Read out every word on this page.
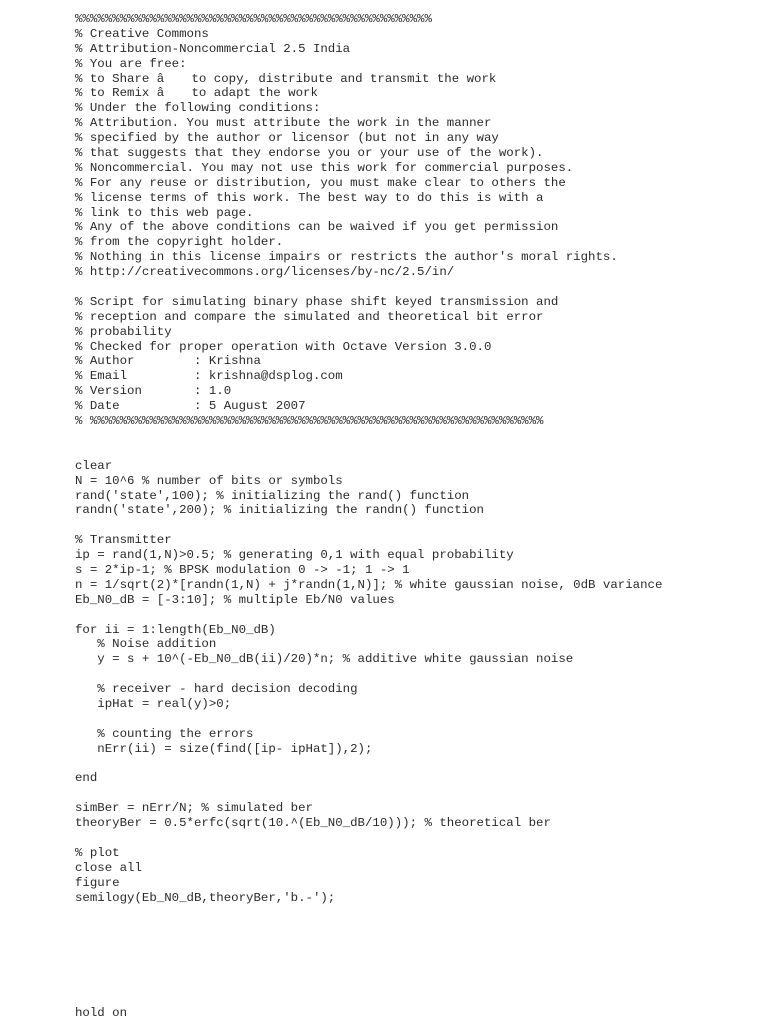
%%%%%%%%%%%%%%%%%%%%%%%%%%%%%%%%%%%%%%%%%%%%%%%%
% Creative Commons
% Attribution-Noncommercial 2.5 India
% You are free:
% to Share â to copy, distribute and transmit the work
% to Remix â to adapt the work
% Under the following conditions:
% Attribution. You must attribute the work in the manner
% specified by the author or licensor (but not in any way
% that suggests that they endorse you or your use of the work).
% Noncommercial. You may not use this work for commercial purposes.
% For any reuse or distribution, you must make clear to others the
% license terms of this work. The best way to do this is with a
% link to this web page.
% Any of the above conditions can be waived if you get permission
% from the copyright holder.
% Nothing in this license impairs or restricts the author's moral rights.
% http://creativecommons.org/licenses/by-nc/2.5/in/

% Script for simulating binary phase shift keyed transmission and
% reception and compare the simulated and theoretical bit error
% probability
% Checked for proper operation with Octave Version 3.0.0
% Author        : Krishna
% Email         : krishna@dsplog.com
% Version       : 1.0
% Date          : 5 August 2007
% %%%%%%%%%%%%%%%%%%%%%%%%%%%%%%%%%%%%%%%%%%%%%%%%%%%%%%%%%%%%%

clear
N = 10^6 % number of bits or symbols
rand('state',100); % initializing the rand() function
randn('state',200); % initializing the randn() function

% Transmitter
ip = rand(1,N)>0.5; % generating 0,1 with equal probability
s = 2*ip-1; % BPSK modulation 0 -> -1; 1 -> 1
n = 1/sqrt(2)*[randn(1,N) + j*randn(1,N)]; % white gaussian noise, 0dB variance
Eb_N0_dB = [-3:10]; % multiple Eb/N0 values

for ii = 1:length(Eb_N0_dB)
% Noise addition
y = s + 10^(-Eb_N0_dB(ii)/20)*n; % additive white gaussian noise

% receiver - hard decision decoding
ipHat = real(y)>0;

% counting the errors
nErr(ii) = size(find([ip- ipHat]),2);

end

simBer = nErr/N; % simulated ber
theoryBer = 0.5*erfc(sqrt(10.^(Eb_N0_dB/10))); % theoretical ber

% plot
close all
figure
semilogy(Eb_N0_dB,theoryBer,'b.-');
hold on
